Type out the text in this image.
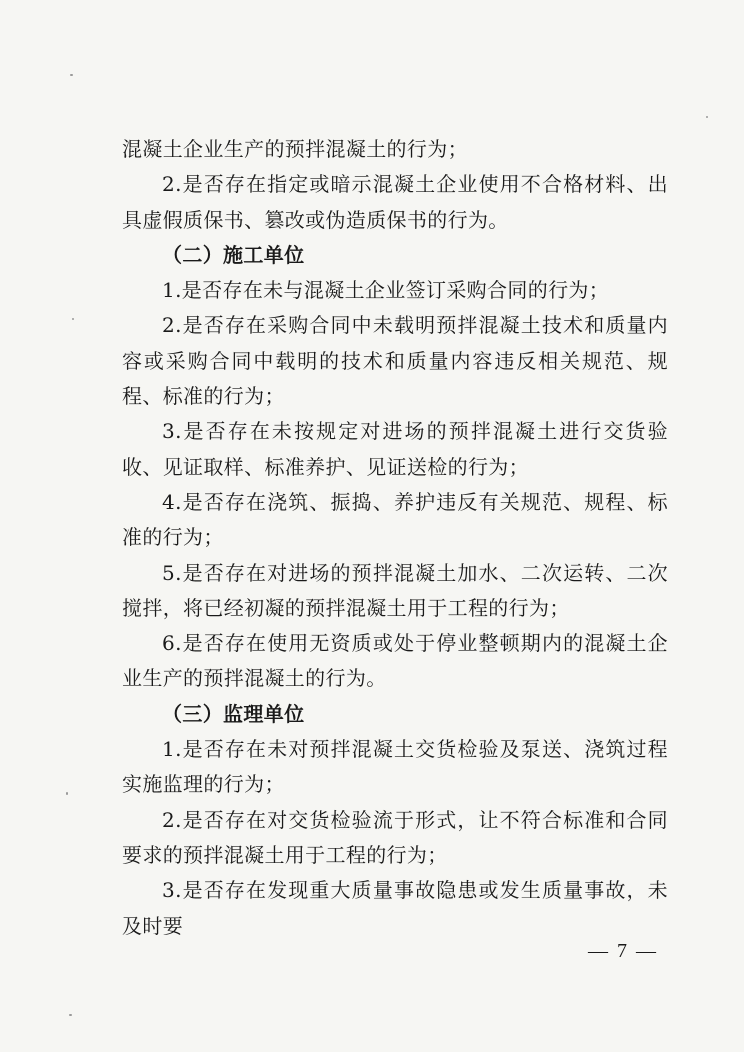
混凝土企业生产的预拌混凝土的行为；

2.是否存在指定或暗示混凝土企业使用不合格材料、出具虚假质保书、篡改或伪造质保书的行为。

（二）施工单位

1.是否存在未与混凝土企业签订采购合同的行为；

2.是否存在采购合同中未载明预拌混凝土技术和质量内容或采购合同中载明的技术和质量内容违反相关规范、规程、标准的行为；

3.是否存在未按规定对进场的预拌混凝土进行交货验收、见证取样、标准养护、见证送检的行为；

4.是否存在浇筑、振捣、养护违反有关规范、规程、标准的行为；

5.是否存在对进场的预拌混凝土加水、二次运转、二次搅拌，将已经初凝的预拌混凝土用于工程的行为；

6.是否存在使用无资质或处于停业整顿期内的混凝土企业生产的预拌混凝土的行为。

（三）监理单位

1.是否存在未对预拌混凝土交货检验及泵送、浇筑过程实施监理的行为；

2.是否存在对交货检验流于形式，让不符合标准和合同要求的预拌混凝土用于工程的行为；

3.是否存在发现重大质量事故隐患或发生质量事故，未及时要

— 7 —
